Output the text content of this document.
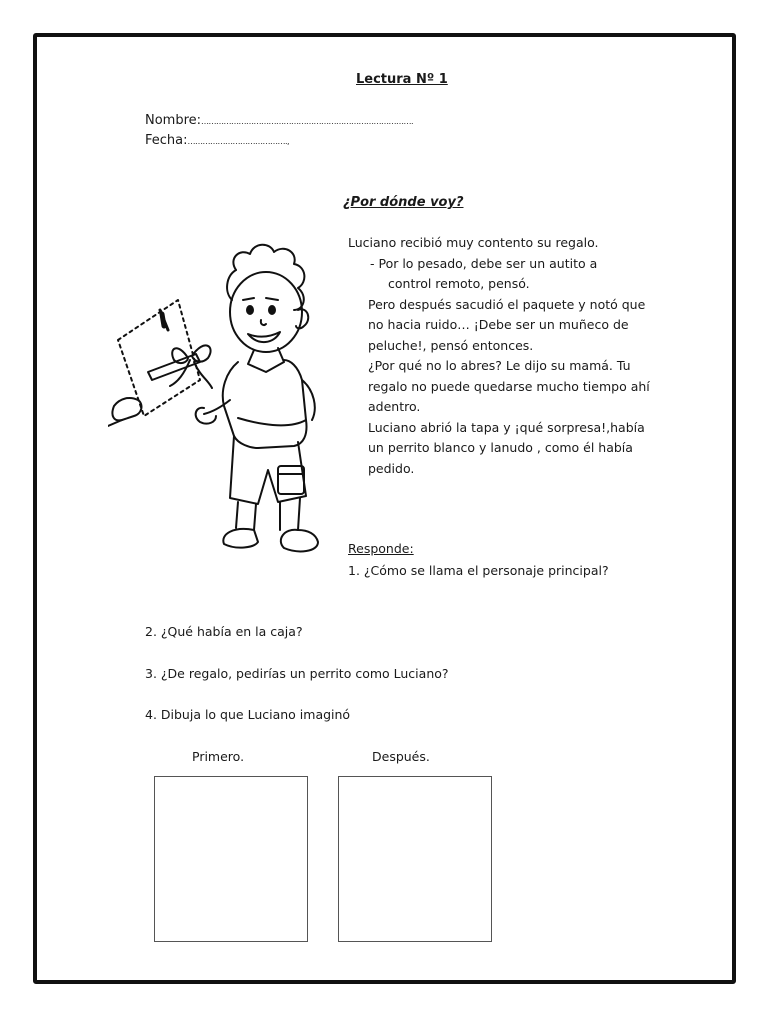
Lectura Nº 1
Nombre:………………………………………………………………………….
Fecha:………………………………….,
¿Por dónde voy?
Luciano recibió muy contento su regalo.
- Por lo pesado, debe ser un autito a
control remoto, pensó.
Pero después sacudió el paquete y notó que
no hacia ruido… ¡Debe ser un muñeco de
peluche!, pensó entonces.
¿Por qué no lo abres? Le dijo su mamá. Tu
regalo no puede quedarse mucho tiempo ahí
adentro.
Luciano abrió la tapa y ¡qué sorpresa!,había
un perrito blanco y lanudo , como él había
pedido.
Responde:
1. ¿Cómo se llama el personaje principal?
2. ¿Qué había en la caja?
3. ¿De regalo, pedirías un perrito como Luciano?
4. Dibuja lo que Luciano imaginó
Primero.	Después.
